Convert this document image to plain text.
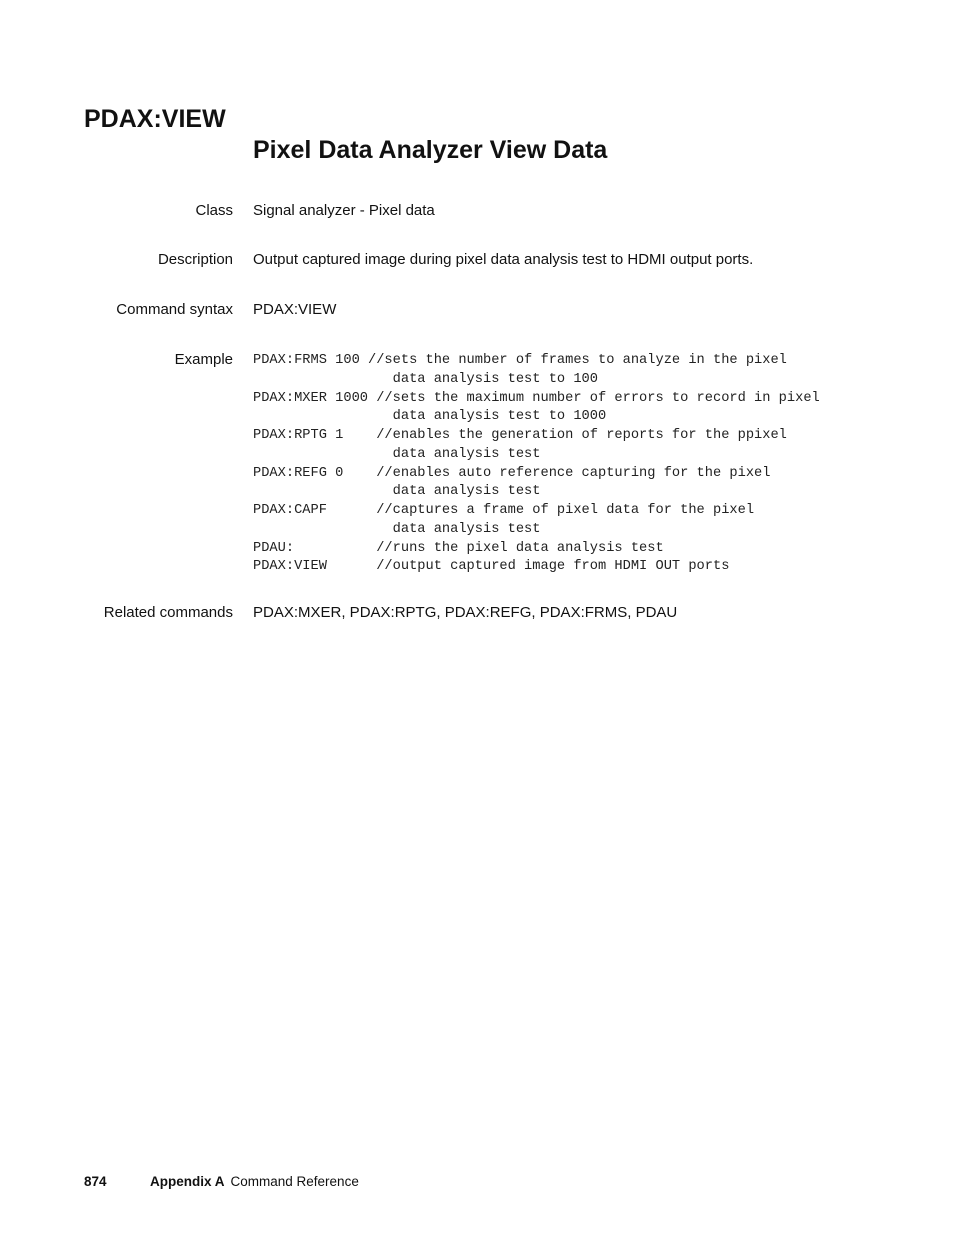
PDAX:VIEW
Pixel Data Analyzer View Data
Class Signal analyzer - Pixel data
Description Output captured image during pixel data analysis test to HDMI output ports.
Command syntax PDAX:VIEW
Example PDAX:FRMS 100 //sets the number of frames to analyze in the pixel
data analysis test to 100
PDAX:MXER 1000 //sets the maximum number of errors to record in pixel
data analysis test to 1000
PDAX:RPTG 1    //enables the generation of reports for the ppixel
data analysis test
PDAX:REFG 0    //enables auto reference capturing for the pixel
data analysis test
PDAX:CAPF      //captures a frame of pixel data for the pixel
data analysis test
PDAU:          //runs the pixel data analysis test
PDAX:VIEW      //output captured image from HDMI OUT ports
Related commands PDAX:MXER, PDAX:RPTG, PDAX:REFG, PDAX:FRMS, PDAU
874	Appendix A Command Reference
